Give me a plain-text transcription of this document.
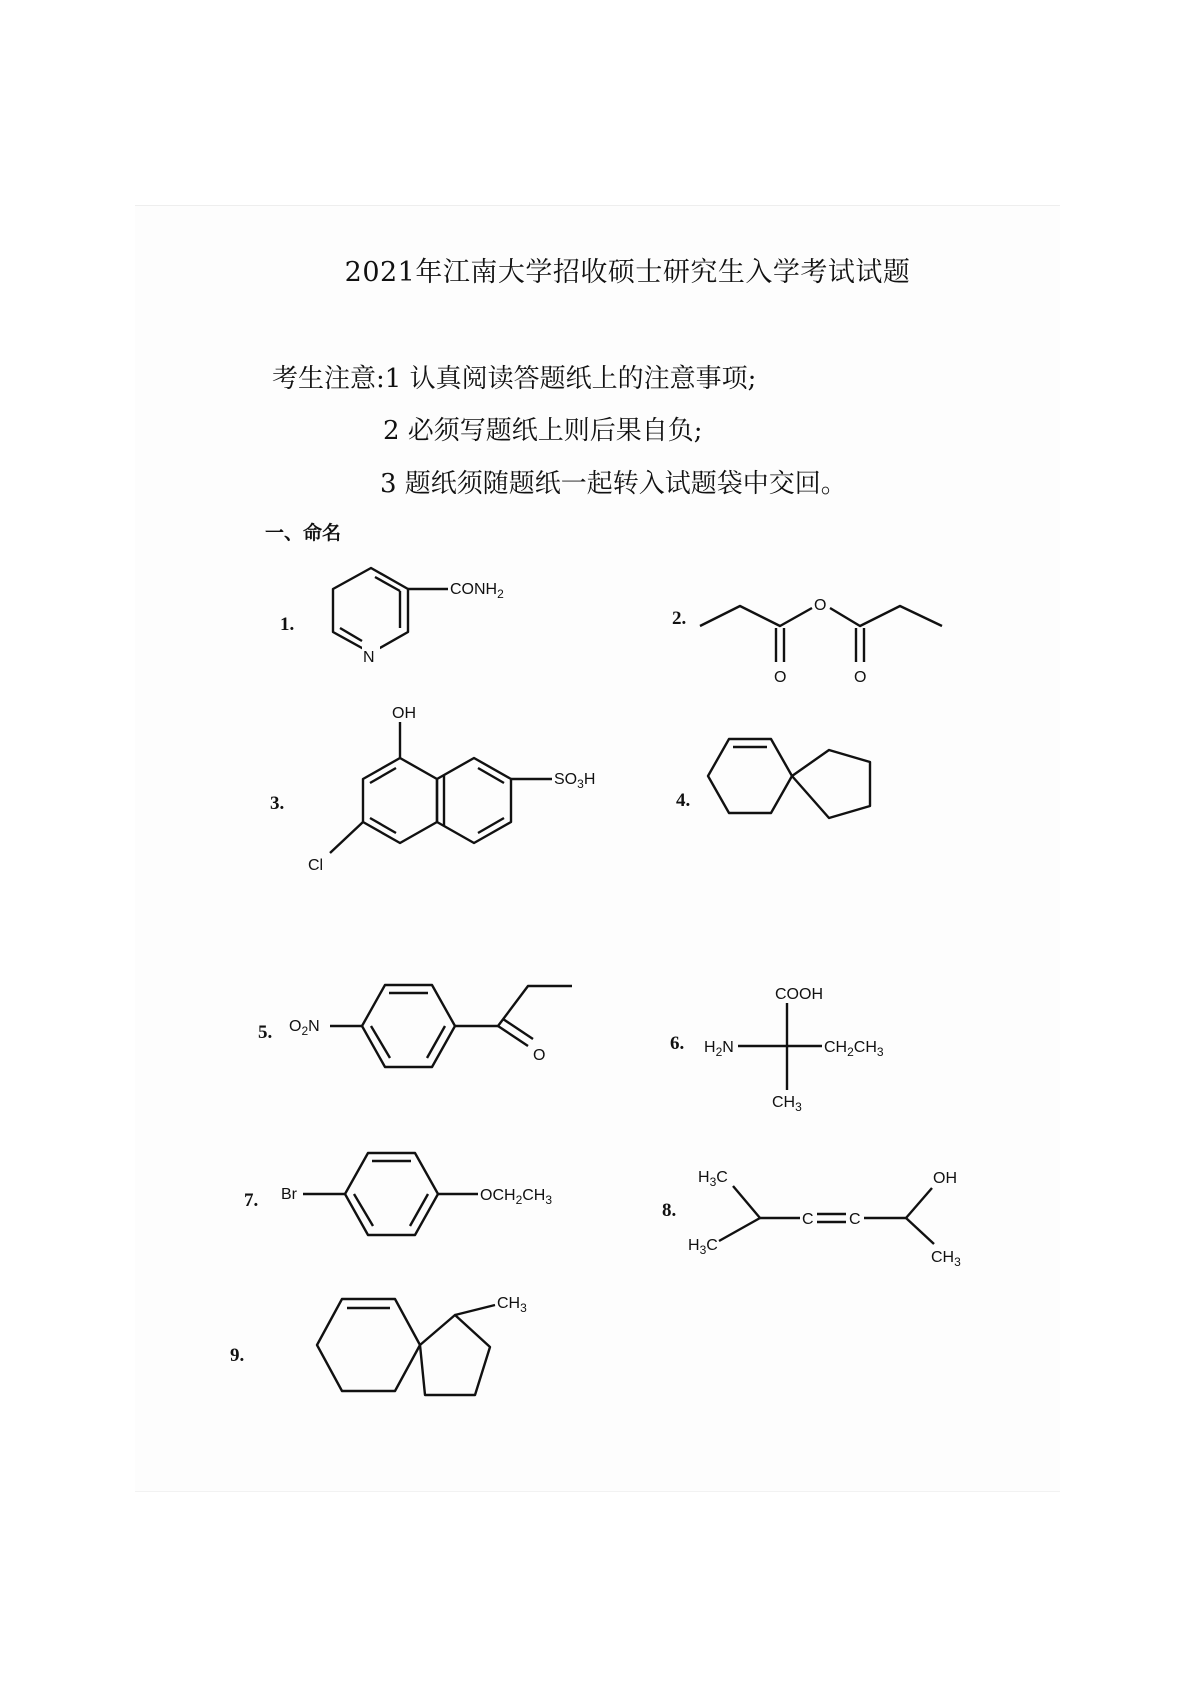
2021年江南大学招收硕士研究生入学考试试题
考生注意:1 认真阅读答题纸上的注意事项;
2 必须写题纸上则后果自负;
3 题纸须随题纸一起转入试题袋中交回。
一、命名
1.	2.
3.	4.
5.
6.
7.	8.
9.
$CONH_2$
N
O
O	O
OH
$SO_3H$
Cl
$O_2N$
O
COOH
$H_2N$	$CH_2CH_3$
$CH_3$
Br	$OCH_2CH_3$
$H_3C$
$H_3C$
C C
OH
$CH_3$
$CH_3$
